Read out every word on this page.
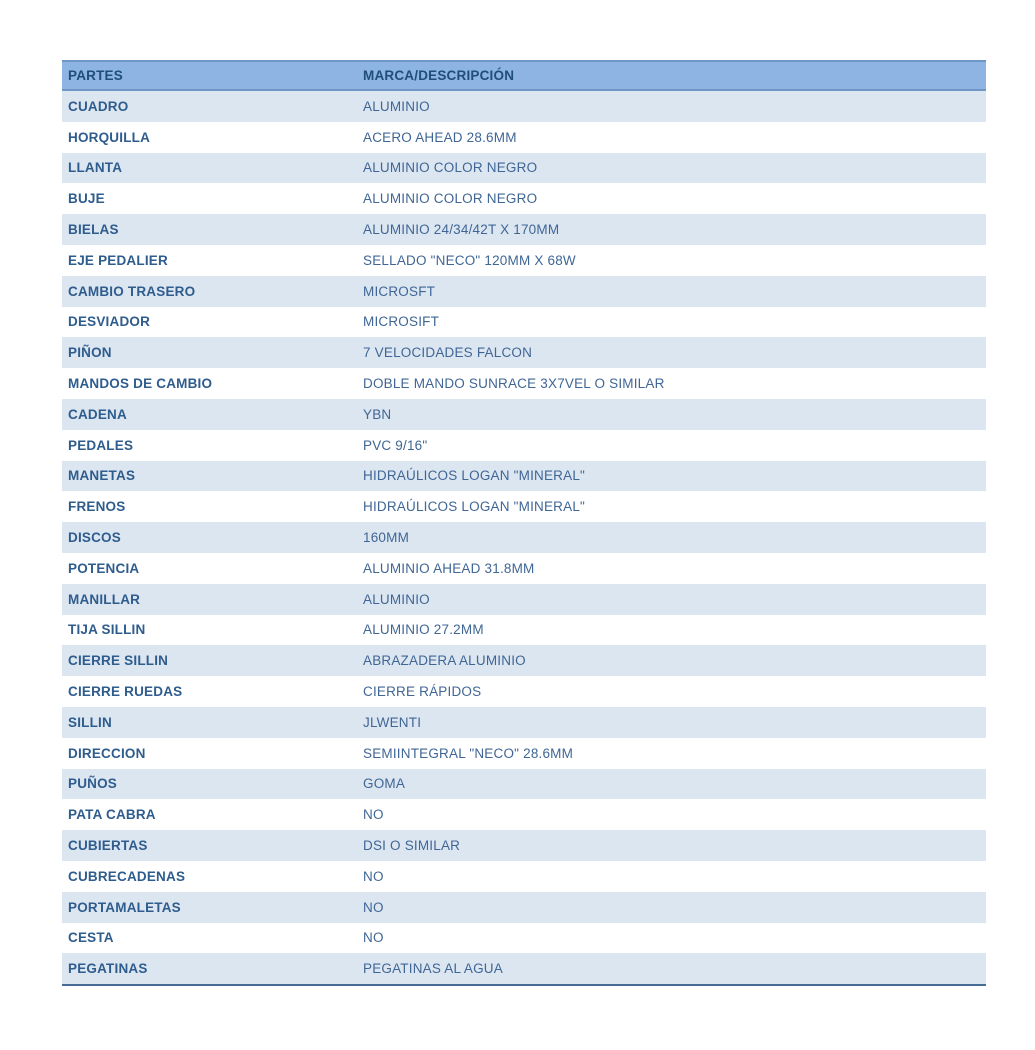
PARTES	MARCA/DESCRIPCIÓN
CUADRO	ALUMINIO
HORQUILLA	ACERO AHEAD 28.6MM
LLANTA	ALUMINIO COLOR NEGRO
BUJE	ALUMINIO COLOR NEGRO
BIELAS	ALUMINIO 24/34/42T X 170MM
EJE PEDALIER	SELLADO "NECO" 120MM X 68W
CAMBIO TRASERO	MICROSFT
DESVIADOR	MICROSIFT
PIÑON	7 VELOCIDADES FALCON
MANDOS DE CAMBIO	DOBLE MANDO SUNRACE 3X7VEL O SIMILAR
CADENA	YBN
PEDALES	PVC 9/16"
MANETAS	HIDRAÚLICOS LOGAN "MINERAL"
FRENOS	HIDRAÚLICOS LOGAN "MINERAL"
DISCOS	160MM
POTENCIA	ALUMINIO AHEAD 31.8MM
MANILLAR	ALUMINIO
TIJA SILLIN	ALUMINIO 27.2MM
CIERRE SILLIN	ABRAZADERA ALUMINIO
CIERRE RUEDAS	CIERRE RÁPIDOS
SILLIN	JLWENTI
DIRECCION	SEMIINTEGRAL "NECO" 28.6MM
PUÑOS	GOMA
PATA CABRA	NO
CUBIERTAS	DSI O SIMILAR
CUBRECADENAS	NO
PORTAMALETAS	NO
CESTA	NO
PEGATINAS	PEGATINAS AL AGUA
